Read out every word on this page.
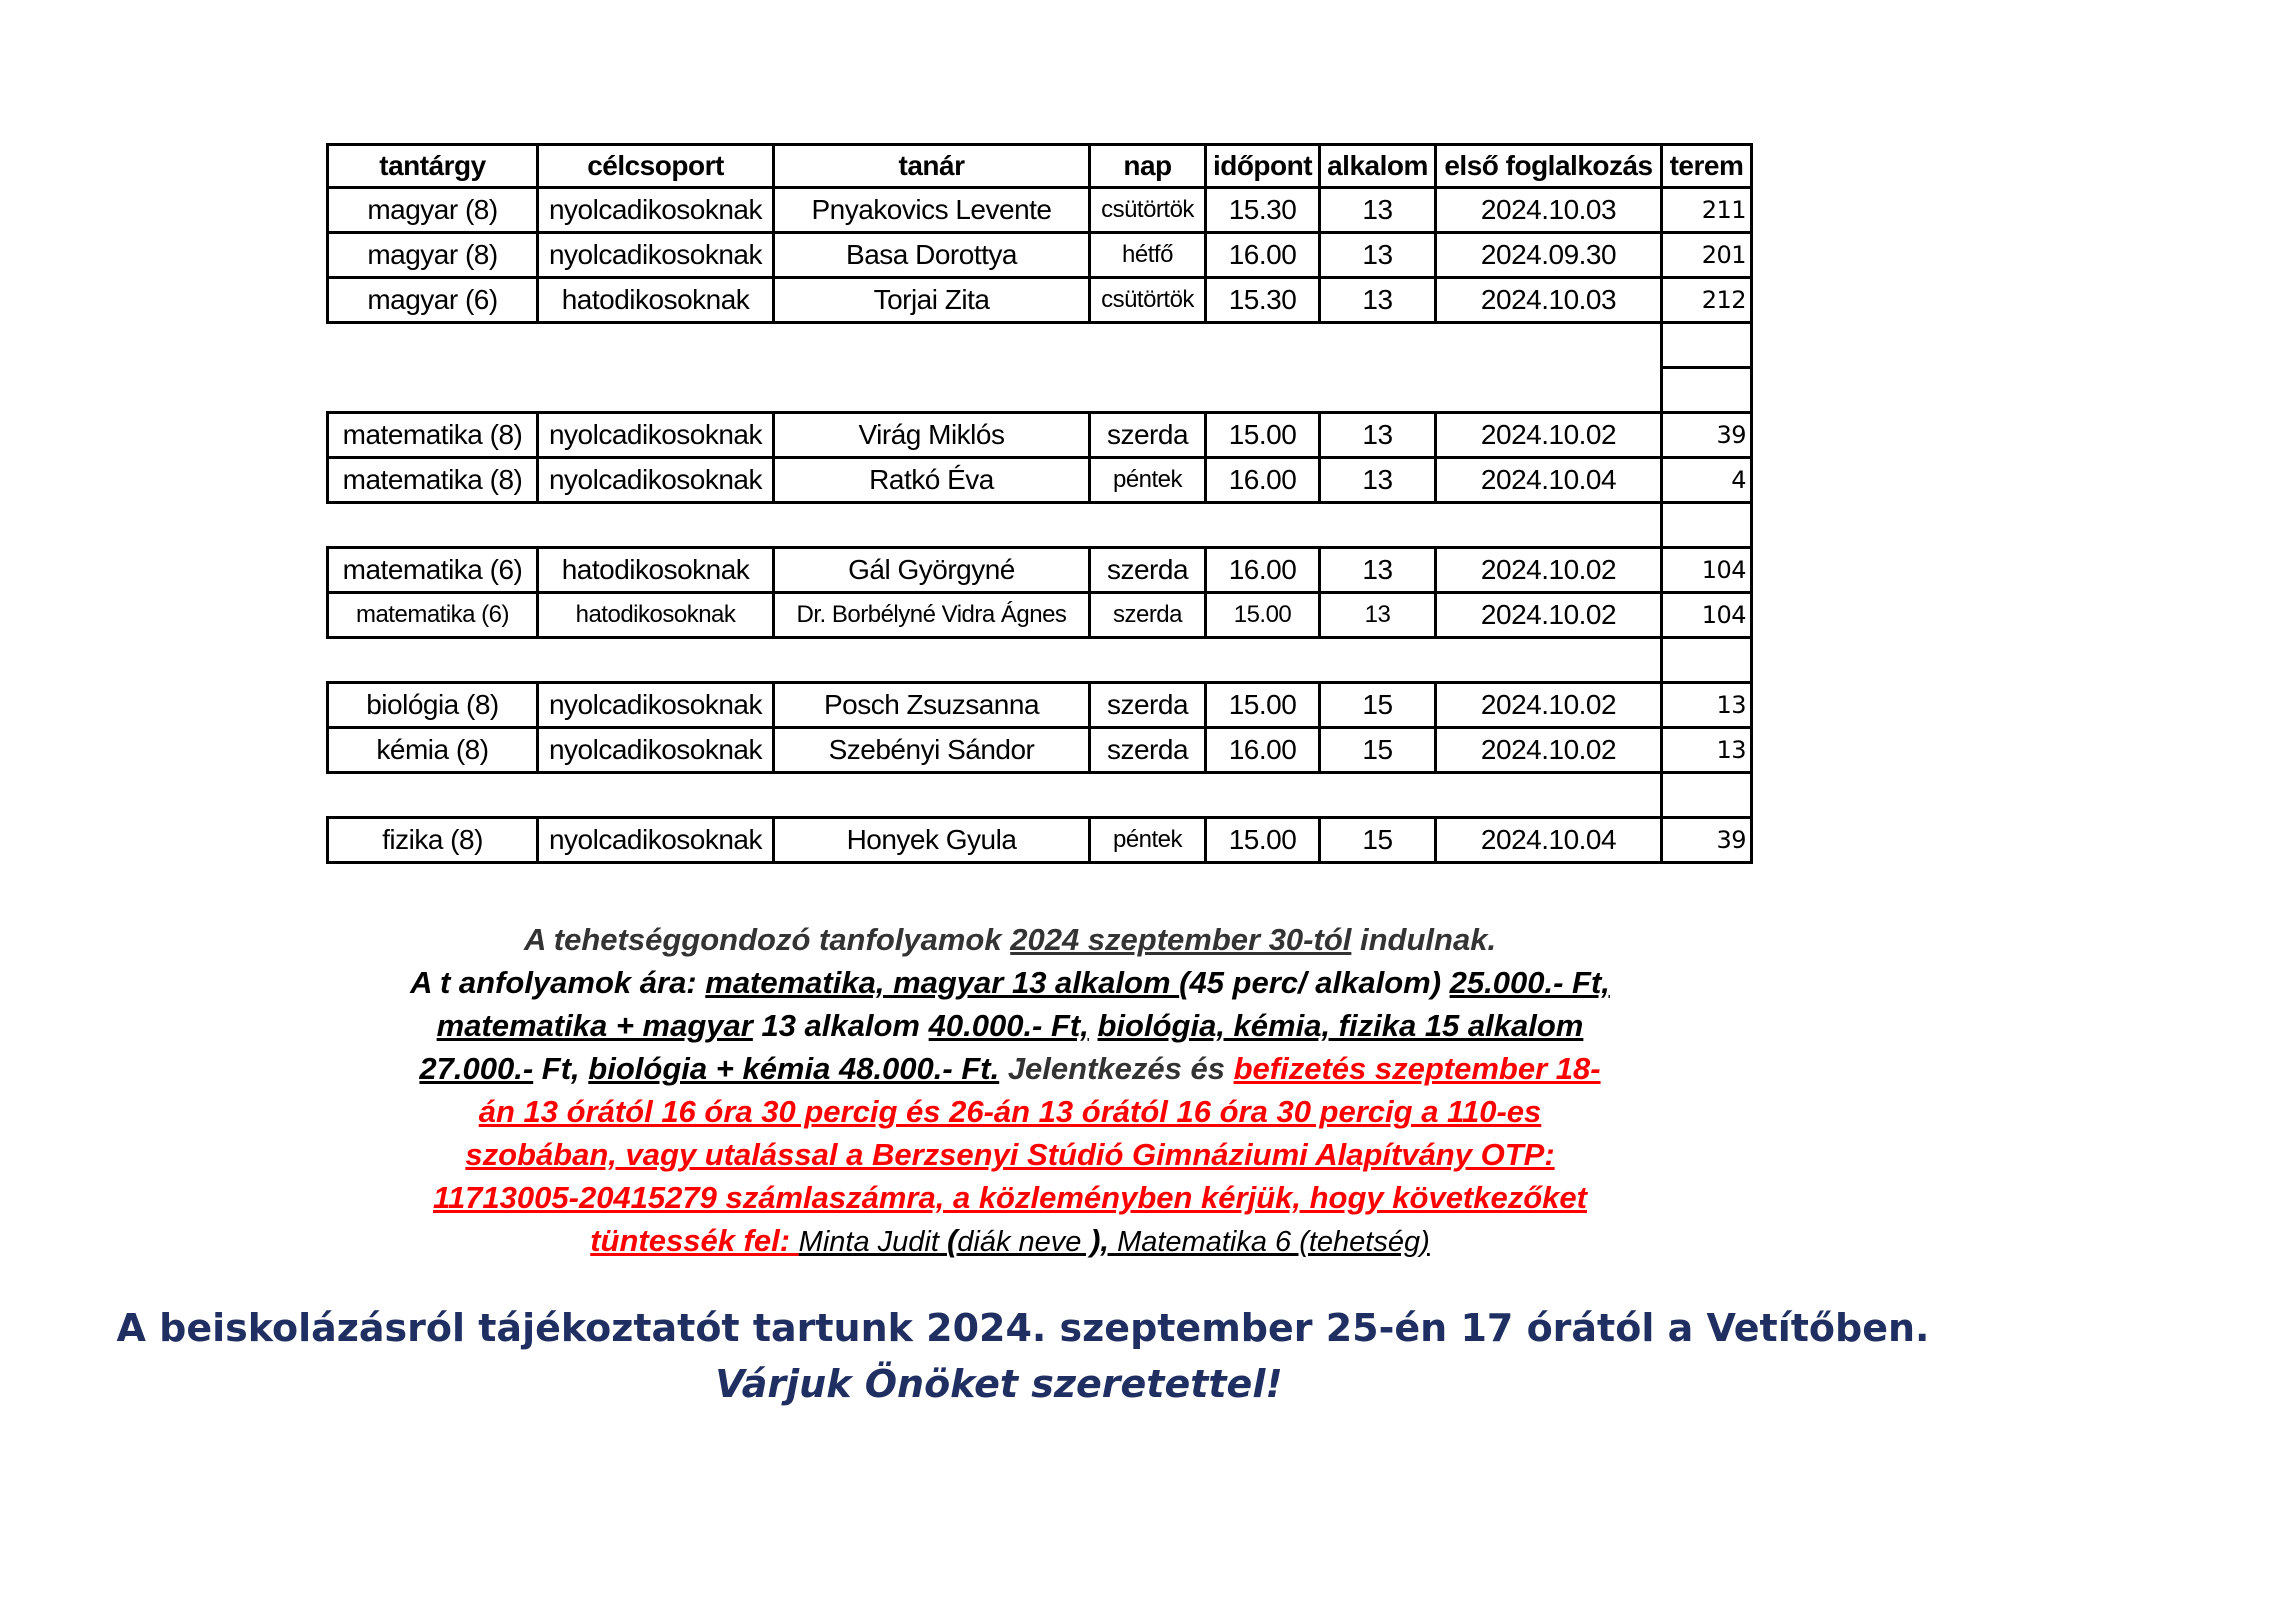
tantárgy	célcsoport	tanár	nap	időpont	alkalom	első foglalkozás	terem
magyar (8)	nyolcadikosoknak	Pnyakovics Levente	csütörtök	15.30	13	2024.10.03	211
magyar (8)	nyolcadikosoknak	Basa Dorottya	hétfő	16.00	13	2024.09.30	201
magyar (6)	hatodikosoknak	Torjai Zita	csütörtök	15.30	13	2024.10.03	212

matematika (8)	nyolcadikosoknak	Virág Miklós	szerda	15.00	13	2024.10.02	39
matematika (8)	nyolcadikosoknak	Ratkó Éva	péntek	16.00	13	2024.10.04	4

matematika (6)	hatodikosoknak	Gál Györgyné	szerda	16.00	13	2024.10.02	104
matematika (6)	hatodikosoknak	Dr. Borbélyné Vidra Ágnes	szerda	15.00	13	2024.10.02	104

biológia (8)	nyolcadikosoknak	Posch Zsuzsanna	szerda	15.00	15	2024.10.02	13
kémia (8)	nyolcadikosoknak	Szebényi Sándor	szerda	16.00	15	2024.10.02	13

fizika (8)	nyolcadikosoknak	Honyek Gyula	péntek	15.00	15	2024.10.04	39
A tehetséggondozó tanfolyamok 2024 szeptember 30-tól indulnak.
A t anfolyamok ára: matematika, magyar 13 alkalom (45 perc/ alkalom) 25.000.- Ft,
matematika + magyar 13 alkalom 40.000.- Ft, biológia, kémia, fizika 15 alkalom
27.000.- Ft, biológia + kémia 48.000.- Ft. Jelentkezés és befizetés szeptember 18-
án 13 órától 16 óra 30 percig és 26-án 13 órától 16 óra 30 percig a 110-es
szobában, vagy utalással a Berzsenyi Stúdió Gimnáziumi Alapítvány OTP:
11713005-20415279 számlaszámra, a közleményben kérjük, hogy következőket
tüntessék fel: Minta Judit (diák neve ), Matematika 6 (tehetség)
A beiskolázásról tájékoztatót tartunk 2024. szeptember 25-én 17 órától a Vetítőben.
Várjuk Önöket szeretettel!
